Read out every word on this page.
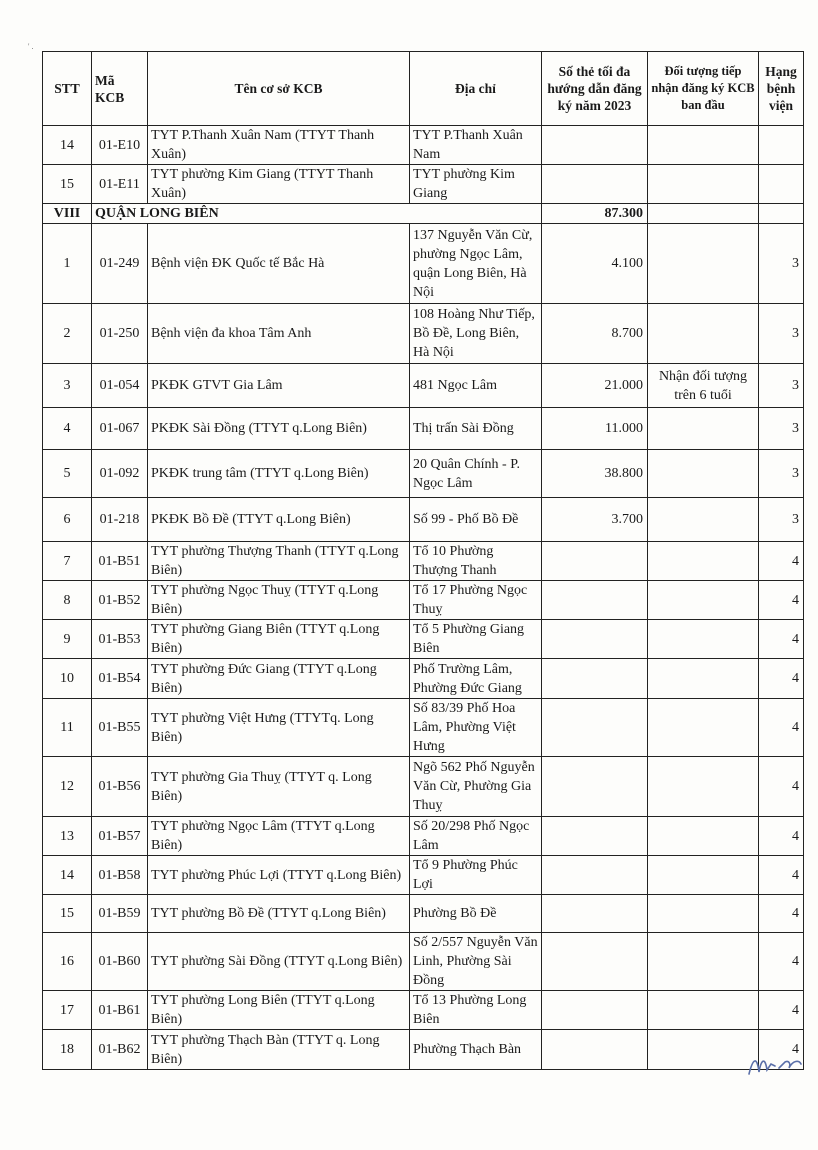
' .
STT	Mã KCB	Tên cơ sở KCB	Địa chỉ	Số thẻ tối đa hướng dẫn đăng ký năm 2023	Đối tượng tiếp nhận đăng ký KCB ban đầu	Hạng bệnh viện
14	01-E10	TYT P.Thanh Xuân Nam (TTYT Thanh Xuân)	TYT P.Thanh Xuân Nam			
15	01-E11	TYT phường Kim Giang (TTYT Thanh Xuân)	TYT phường Kim Giang			
VIII	QUẬN LONG BIÊN			87.300		
1	01-249	Bệnh viện ĐK Quốc tế Bắc Hà	137 Nguyễn Văn Cừ, phường Ngọc Lâm, quận Long Biên, Hà Nội	4.100		3
2	01-250	Bệnh viện đa khoa Tâm Anh	108 Hoàng Như Tiếp, Bồ Đề, Long Biên, Hà Nội	8.700		3
3	01-054	PKĐK GTVT Gia Lâm	481 Ngọc Lâm	21.000	Nhận đối tượng trên 6 tuổi	3
4	01-067	PKĐK Sài Đồng (TTYT q.Long Biên)	Thị trấn Sài Đồng	11.000		3
5	01-092	PKĐK trung tâm (TTYT q.Long Biên)	20 Quân Chính - P. Ngọc Lâm	38.800		3
6	01-218	PKĐK Bồ Đề (TTYT q.Long Biên)	Số 99 - Phố Bồ Đề	3.700		3
7	01-B51	TYT phường Thượng Thanh (TTYT q.Long Biên)	Tổ 10 Phường Thượng Thanh			4
8	01-B52	TYT phường Ngọc Thuỵ (TTYT q.Long Biên)	Tổ 17 Phường Ngọc Thuỵ			4
9	01-B53	TYT phường Giang Biên (TTYT q.Long Biên)	Tổ 5 Phường Giang Biên			4
10	01-B54	TYT phường Đức Giang (TTYT q.Long Biên)	Phố Trường Lâm, Phường Đức Giang			4
11	01-B55	TYT phường Việt Hưng (TTYTq. Long Biên)	Số 83/39 Phố Hoa Lâm, Phường Việt Hưng			4
12	01-B56	TYT phường Gia Thuỵ (TTYT q. Long Biên)	Ngõ 562 Phố Nguyễn Văn Cừ, Phường Gia Thuỵ			4
13	01-B57	TYT phường Ngọc Lâm (TTYT q.Long Biên)	Số 20/298 Phố Ngọc Lâm			4
14	01-B58	TYT phường Phúc Lợi (TTYT q.Long Biên)	Tổ 9 Phường Phúc Lợi			4
15	01-B59	TYT phường Bồ Đề (TTYT q.Long Biên)	Phường Bồ Đề			4
16	01-B60	TYT phường Sài Đồng (TTYT q.Long Biên)	Số 2/557 Nguyễn Văn Linh, Phường Sài Đồng			4
17	01-B61	TYT phường Long Biên (TTYT q.Long Biên)	Tổ 13 Phường Long Biên			4
18	01-B62	TYT phường Thạch Bàn (TTYT q. Long Biên)	Phường Thạch Bàn			4
